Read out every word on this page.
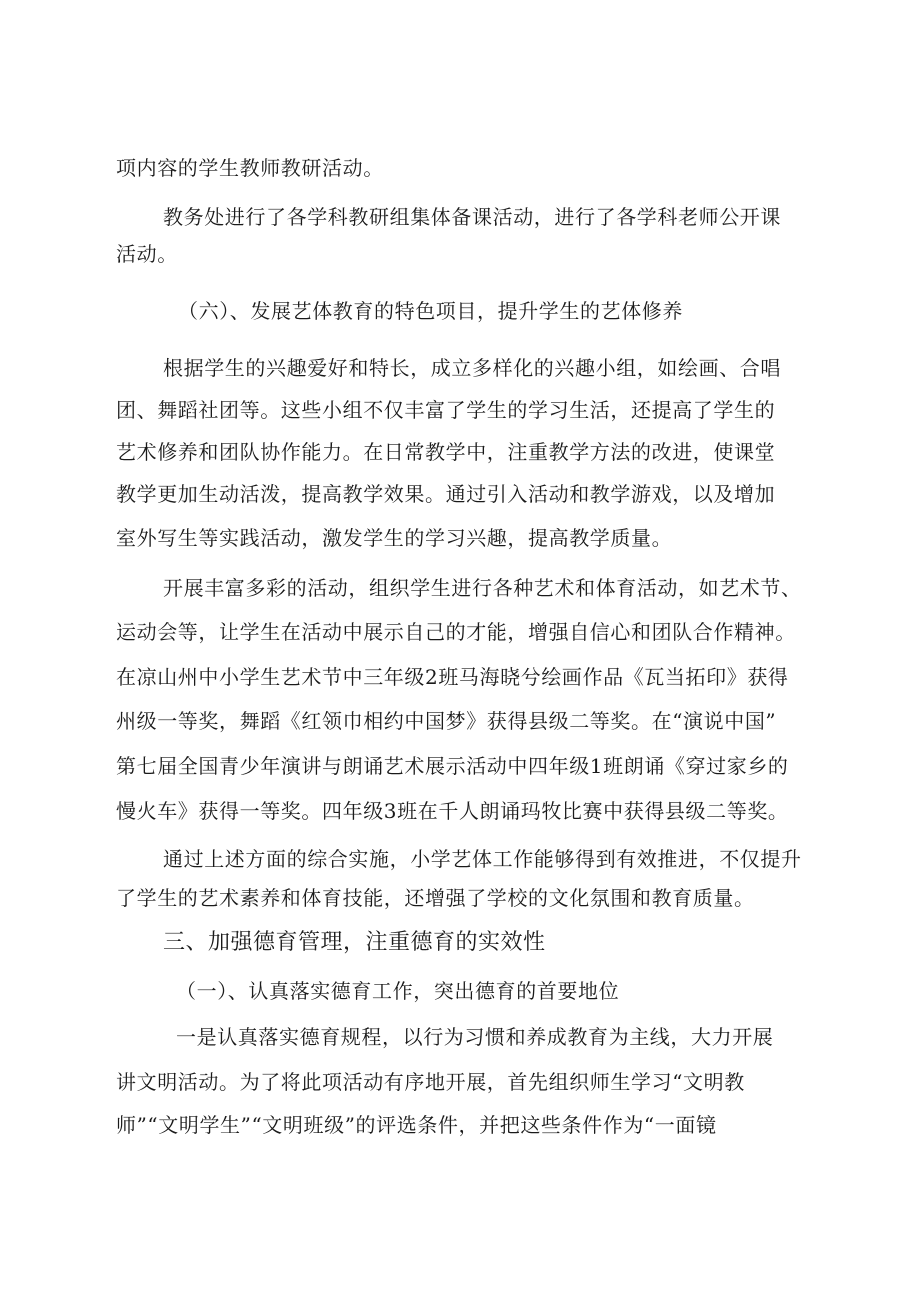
项内容的学生教师教研活动。
教务处进行了各学科教研组集体备课活动，进行了各学科老师公开课
活动。
（六）、发展艺体教育的特色项目，提升学生的艺体修养
根据学生的兴趣爱好和特长，成立多样化的兴趣小组，如绘画、合唱
团、舞蹈社团等。这些小组不仅丰富了学生的学习生活，还提高了学生的
艺术修养和团队协作能力。在日常教学中，注重教学方法的改进，使课堂
教学更加生动活泼，提高教学效果。通过引入活动和教学游戏，以及增加
室外写生等实践活动，激发学生的学习兴趣，提高教学质量。
开展丰富多彩的活动，组织学生进行各种艺术和体育活动，如艺术节、
运动会等，让学生在活动中展示自己的才能，增强自信心和团队合作精神。
在凉山州中小学生艺术节中三年级2班马海晓兮绘画作品《瓦当拓印》获得
州级一等奖，舞蹈《红领巾相约中国梦》获得县级二等奖。在“演说中国”
第七届全国青少年演讲与朗诵艺术展示活动中四年级1班朗诵《穿过家乡的
慢火车》获得一等奖。四年级3班在千人朗诵玛牧比赛中获得县级二等奖。
通过上述方面的综合实施，小学艺体工作能够得到有效推进，不仅提升
了学生的艺术素养和体育技能，还增强了学校的文化氛围和教育质量。
三、加强德育管理，注重德育的实效性
（一）、认真落实德育工作，突出德育的首要地位
一是认真落实德育规程，以行为习惯和养成教育为主线，大力开展
讲文明活动。为了将此项活动有序地开展，首先组织师生学习“文明教
师”“文明学生”“文明班级”的评选条件，并把这些条件作为“一面镜
